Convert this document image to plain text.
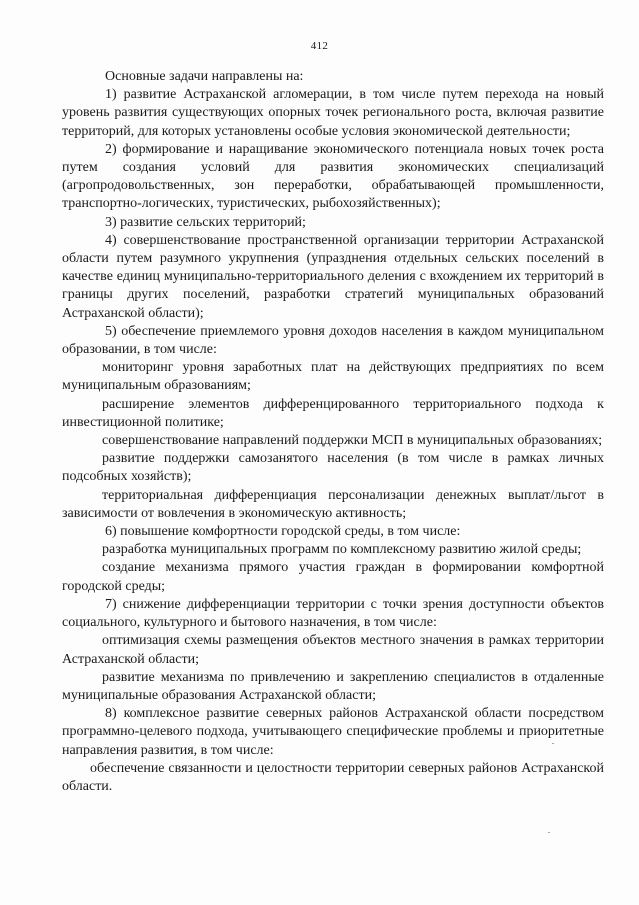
412

Основные задачи направлены на:

1) развитие Астраханской агломерации, в том числе путем перехода на новый уровень развития существующих опорных точек регионального роста, включая развитие территорий, для которых установлены особые условия экономической деятельности;

2) формирование и наращивание экономического потенциала новых точек роста путем создания условий для развития экономических специализаций (агропродовольственных, зон переработки, обрабатывающей промышленности, транспортно-логических, туристических, рыбохозяйственных);

3) развитие сельских территорий;

4) совершенствование пространственной организации территории Астраханской области путем разумного укрупнения (упразднения отдельных сельских поселений в качестве единиц муниципально-территориального деления с вхождением их территорий в границы других поселений, разработки стратегий муниципальных образований Астраханской области);

5) обеспечение приемлемого уровня доходов населения в каждом муниципальном образовании, в том числе:

мониторинг уровня заработных плат на действующих предприятиях по всем муниципальным образованиям;

расширение элементов дифференцированного территориального подхода к инвестиционной политике;

совершенствование направлений поддержки МСП в муниципальных образованиях;

развитие поддержки самозанятого населения (в том числе в рамках личных подсобных хозяйств);

территориальная дифференциация персонализации денежных выплат/льгот в зависимости от вовлечения в экономическую активность;

6) повышение комфортности городской среды, в том числе:

разработка муниципальных программ по комплексному развитию жилой среды;

создание механизма прямого участия граждан в формировании комфортной городской среды;

7) снижение дифференциации территории с точки зрения доступности объектов социального, культурного и бытового назначения, в том числе:

оптимизация схемы размещения объектов местного значения в рамках территории Астраханской области;

развитие механизма по привлечению и закреплению специалистов в отдаленные муниципальные образования Астраханской области;

8) комплексное развитие северных районов Астраханской области посредством программно-целевого подхода, учитывающего специфические проблемы и приоритетные направления развития, в том числе:

обеспечение связанности и целостности территории северных районов Астраханской области.
